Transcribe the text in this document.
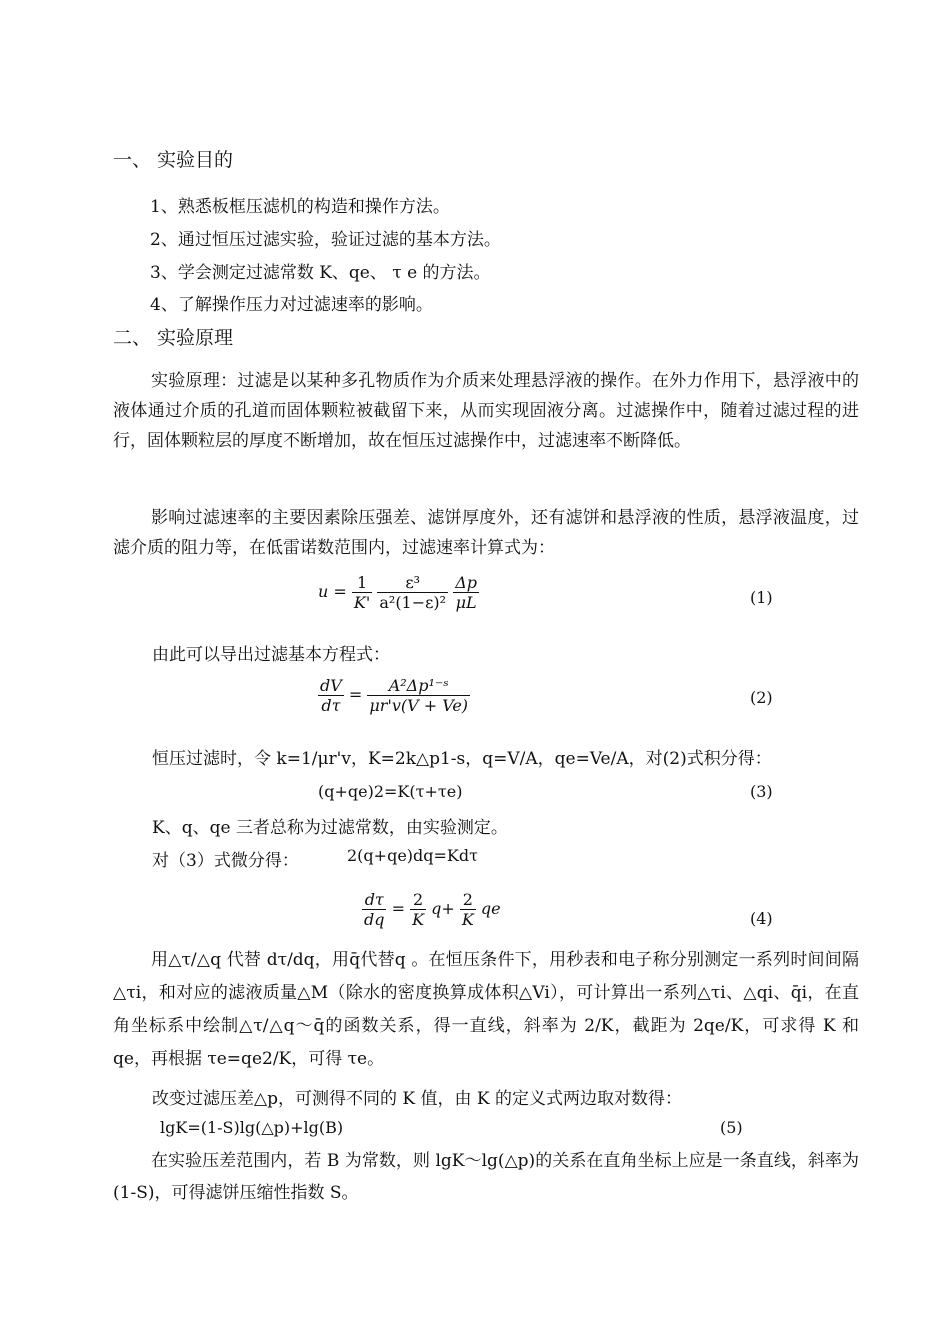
一、 实验目的
1、熟悉板框压滤机的构造和操作方法。
2、通过恒压过滤实验，验证过滤的基本方法。
3、学会测定过滤常数 K、qe、 τ e 的方法。
4、了解操作压力对过滤速率的影响。
二、 实验原理
实验原理：过滤是以某种多孔物质作为介质来处理悬浮液的操作。在外力作用下，悬浮液中的液体通过介质的孔道而固体颗粒被截留下来，从而实现固液分离。过滤操作中，随着过滤过程的进行，固体颗粒层的厚度不断增加，故在恒压过滤操作中，过滤速率不断降低。
影响过滤速率的主要因素除压强差、滤饼厚度外，还有滤饼和悬浮液的性质，悬浮液温度，过滤介质的阻力等，在低雷诺数范围内，过滤速率计算式为：
$u = \frac{1}{K'}$
$\frac{\text{ε³}}{\text{a²(1−ε)²}}$
$\frac{\Delta p}{\mu L}$	(1)
由此可以导出过滤基本方程式：
$\frac{dV}{d\tau} = \frac{\text{A²Δp¹⁻ˢ}}{\mu r'v(V + Ve)}$	(2)
恒压过滤时，令 k=1/μr'v，K=2k△p1-s，q=V/A，qe=Ve/A，对(2)式积分得：
(q+qe)2=K(τ+τe)	(3)
K、q、qe 三者总称为过滤常数，由实验测定。
对（3）式微分得：	2(q+qe)dq=Kdτ
$\frac{d\tau}{dq} = \frac{2}{K} q+ \frac{2}{K}$ qe
(4)
用△τ/△q 代替 dτ/dq，用q̄代替q 。在恒压条件下，用秒表和电子称分别测定一系列时间间隔△τi，和对应的滤液质量△M（除水的密度换算成体积△Vi），可计算出一系列△τi、△qi、q̄i，在直角坐标系中绘制△τ/△q～q̄的函数关系，得一直线，斜率为 2/K，截距为 2qe/K，可求得 K 和 qe，再根据 τe=qe2/K，可得 τe。
改变过滤压差△p，可测得不同的 K 值，由 K 的定义式两边取对数得：
lgK=(1-S)lg(△p)+lg(B)	(5)
在实验压差范围内，若 B 为常数，则 lgK～lg(△p)的关系在直角坐标上应是一条直线，斜率为(1-S)，可得滤饼压缩性指数 S。
